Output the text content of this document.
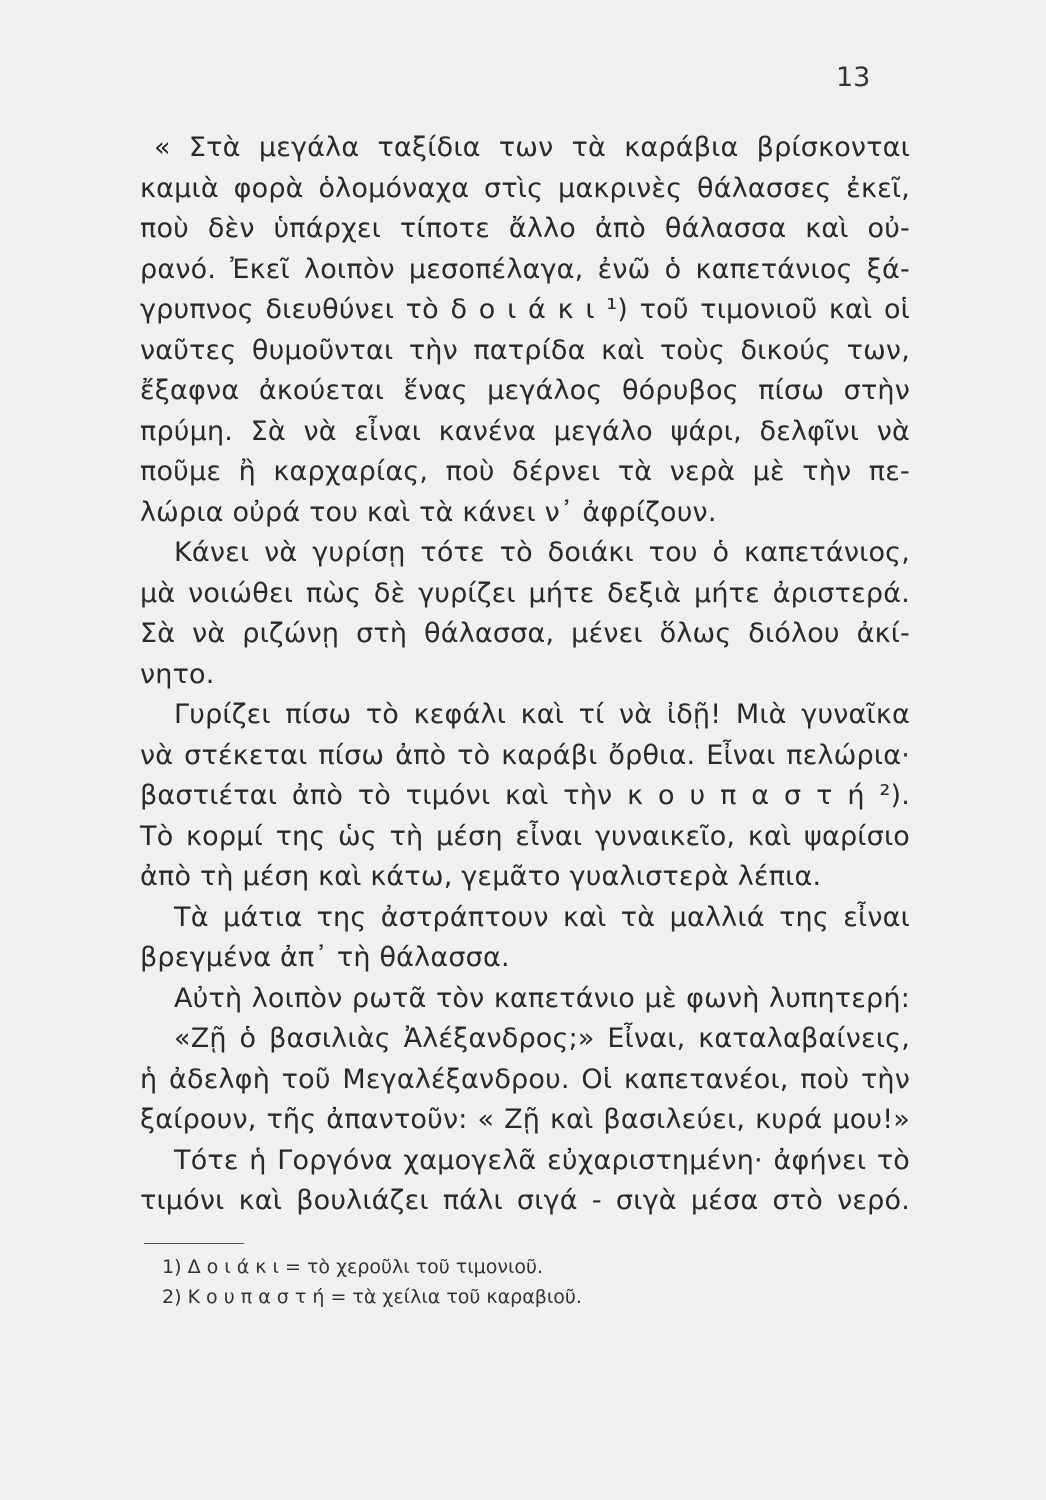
13
« Στὰ μεγάλα ταξίδια των τὰ καράβια βρίσκονται
καμιὰ φορὰ ὁλομόναχα στὶς μακρινὲς θάλασσες ἐκεῖ,
ποὺ δὲν ὑπάρχει τίποτε ἄλλο ἀπὸ θάλασσα καὶ οὐ-
ρανό. Ἐκεῖ λοιπὸν μεσοπέλαγα, ἐνῶ ὁ καπετάνιος ξά-
γρυπνος διευθύνει τὸ δ ο ι ά κ ι ¹) τοῦ τιμονιοῦ καὶ οἱ
ναῦτες θυμοῦνται τὴν πατρίδα καὶ τοὺς δικούς των,
ἔξαφνα ἀκούεται ἕνας μεγάλος θόρυβος πίσω στὴν
πρύμη. Σὰ νὰ εἶναι κανένα μεγάλο ψάρι, δελφῖνι νὰ
ποῦμε ἢ καρχαρίας, ποὺ δέρνει τὰ νερὰ μὲ τὴν πε-
λώρια οὐρά του καὶ τὰ κάνει ν᾽ ἀφρίζουν.
Κάνει νὰ γυρίσῃ τότε τὸ δοιάκι του ὁ καπετάνιος,
μὰ νοιώθει πὼς δὲ γυρίζει μήτε δεξιὰ μήτε ἀριστερά.
Σὰ νὰ ριζώνῃ στὴ θάλασσα, μένει ὅλως διόλου ἀκί-
νητο.
Γυρίζει πίσω τὸ κεφάλι καὶ τί νὰ ἰδῇ! Μιὰ γυναῖκα
νὰ στέκεται πίσω ἀπὸ τὸ καράβι ὄρθια. Εἶναι πελώρια·
βαστιέται ἀπὸ τὸ τιμόνι καὶ τὴν κ ο υ π α σ τ ή ²).
Τὸ κορμί της ὡς τὴ μέση εἶναι γυναικεῖο, καὶ ψαρίσιο
ἀπὸ τὴ μέση καὶ κάτω, γεμᾶτο γυαλιστερὰ λέπια.
Τὰ μάτια της ἀστράπτουν καὶ τὰ μαλλιά της εἶναι
βρεγμένα ἀπ᾽ τὴ θάλασσα.
Αὐτὴ λοιπὸν ρωτᾶ τὸν καπετάνιο μὲ φωνὴ λυπητερή:
«Ζῇ ὁ βασιλιὰς Ἀλέξανδρος;» Εἶναι, καταλαβαίνεις,
ἡ ἀδελφὴ τοῦ Μεγαλέξανδρου. Οἱ καπετανέοι, ποὺ τὴν
ξαίρουν, τῆς ἀπαντοῦν: « Ζῇ καὶ βασιλεύει, κυρά μου!»
Τότε ἡ Γοργόνα χαμογελᾶ εὐχαριστημένη· ἀφήνει τὸ
τιμόνι καὶ βουλιάζει πάλι σιγά - σιγὰ μέσα στὸ νερό.
1) Δ ο ι ά κ ι = τὸ χεροῦλι τοῦ τιμονιοῦ.
2) Κ ο υ π α σ τ ή = τὰ χείλια τοῦ καραβιοῦ.
